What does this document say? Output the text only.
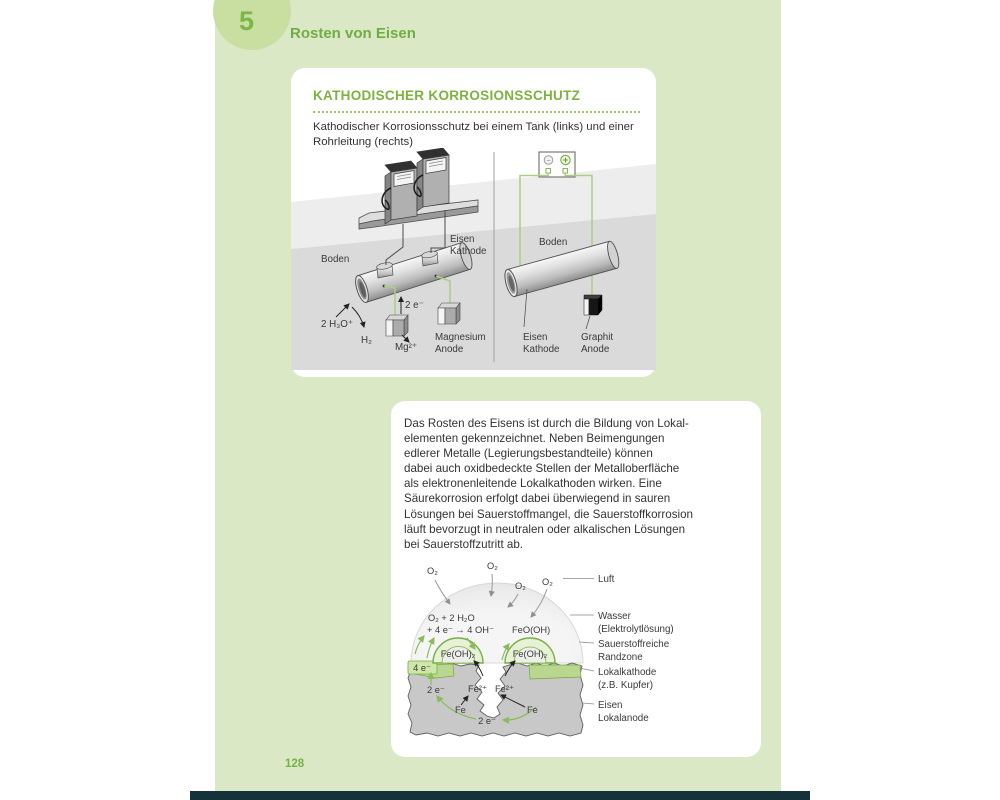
5 Rosten von Eisen
KATHODISCHER KORROSIONSSCHUTZ
Kathodischer Korrosionsschutz bei einem Tank (links) und einer
Rohrleitung (rechts)
Boden
Eisen
Kathode
2 H₃O⁺
H₂
2 e⁻
Mg²⁺
Magnesium
Anode
− +
Boden
Eisen
Kathode
Graphit
Anode
Das Rosten des Eisens ist durch die Bildung von Lokal-
elementen gekennzeichnet. Neben Beimengungen
edlerer Metalle (Legierungsbestandteile) können
dabei auch oxidbedeckte Stellen der Metalloberfläche
als elektronenleitende Lokalkathoden wirken. Eine
Säurekorrosion erfolgt dabei überwiegend in sauren
Lösungen bei Sauerstoffmangel, die Sauerstoffkorrosion
läuft bevorzugt in neutralen oder alkalischen Lösungen
bei Sauerstoffzutritt ab.
O₂	O₂
O₂ O₂
O₂ + 2 H₂O
+ 4 e⁻ → 4 OH⁻ FeO(OH)
Fe(OH)₂	Fe(OH)₂
4 e⁻
2 e⁻
2 e⁻
Fe²⁺ Fe²⁺
Fe	Fe
Luft
Wasser
(Elektrolytlösung)
Sauerstoffreiche
Randzone
Lokalkathode
(z.B. Kupfer)
Eisen
Lokalanode
128
